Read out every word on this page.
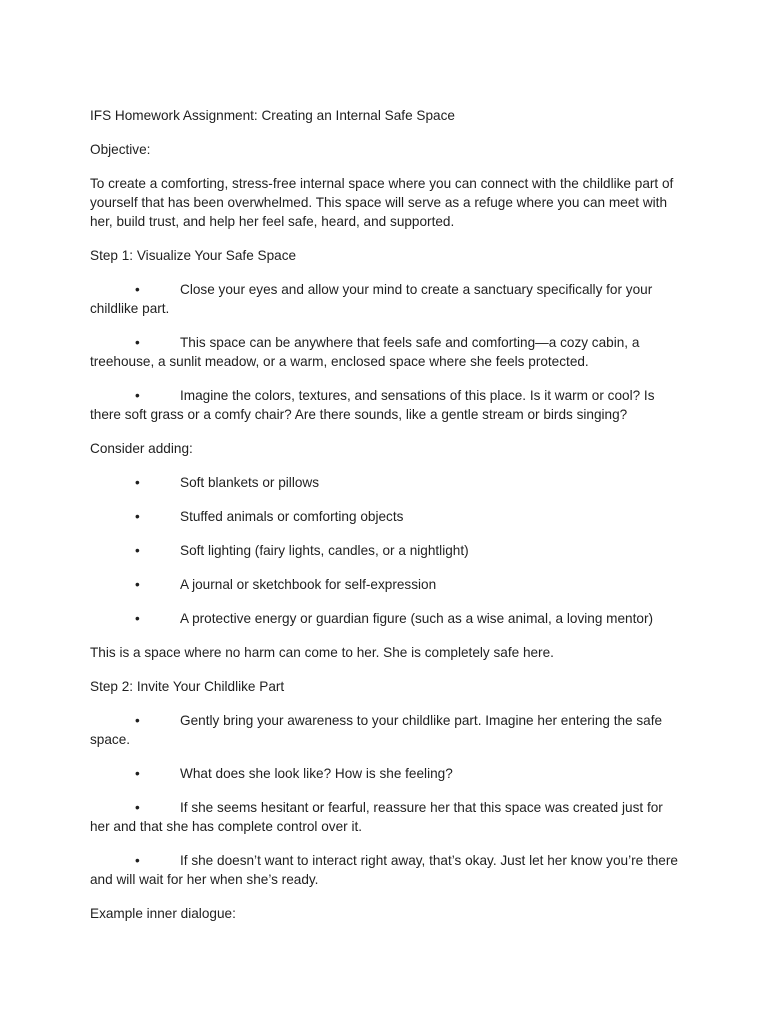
IFS Homework Assignment: Creating an Internal Safe Space

Objective:

To create a comforting, stress-free internal space where you can connect with the childlike part of yourself that has been overwhelmed. This space will serve as a refuge where you can meet with her, build trust, and help her feel safe, heard, and supported.

Step 1: Visualize Your Safe Space

•	Close your eyes and allow your mind to create a sanctuary specifically for your childlike part.

•	This space can be anywhere that feels safe and comforting—a cozy cabin, a treehouse, a sunlit meadow, or a warm, enclosed space where she feels protected.

•	Imagine the colors, textures, and sensations of this place. Is it warm or cool? Is there soft grass or a comfy chair? Are there sounds, like a gentle stream or birds singing?

Consider adding:

•	Soft blankets or pillows

•	Stuffed animals or comforting objects

•	Soft lighting (fairy lights, candles, or a nightlight)

•	A journal or sketchbook for self-expression

•	A protective energy or guardian figure (such as a wise animal, a loving mentor)

This is a space where no harm can come to her. She is completely safe here.

Step 2: Invite Your Childlike Part

•	Gently bring your awareness to your childlike part. Imagine her entering the safe space.

•	What does she look like? How is she feeling?

•	If she seems hesitant or fearful, reassure her that this space was created just for her and that she has complete control over it.

•	If she doesn’t want to interact right away, that’s okay. Just let her know you’re there and will wait for her when she’s ready.

Example inner dialogue:
